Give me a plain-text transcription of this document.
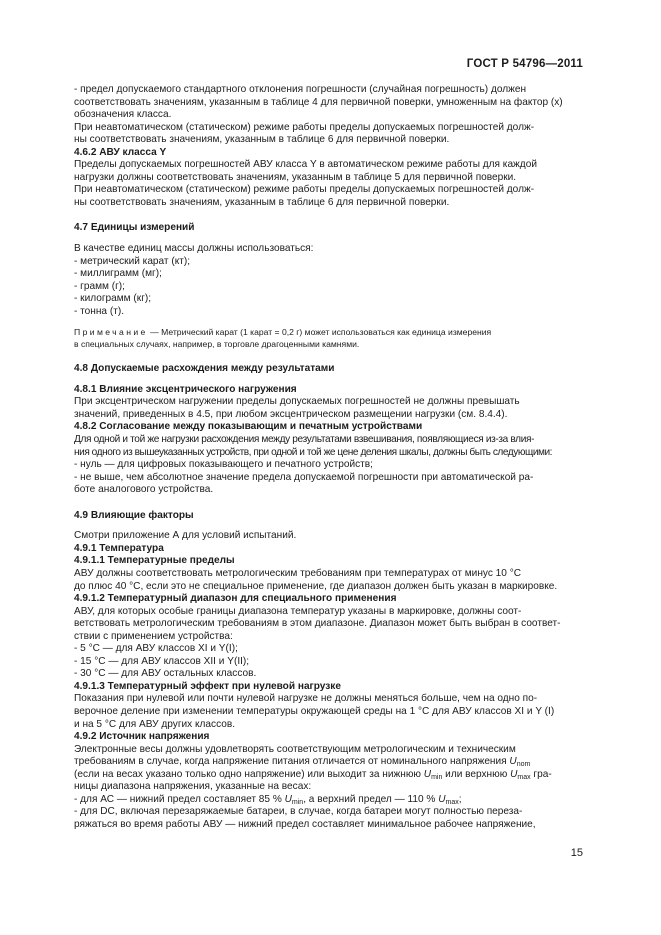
ГОСТ Р 54796—2011

- предел допускаемого стандартного отклонения погрешности (случайная погрешность) должен

соответствовать значениям, указанным в таблице 4 для первичной поверки, умноженным на фактор (х)

обозначения класса.

При неавтоматическом (статическом) режиме работы пределы допускаемых погрешностей долж-

ны соответствовать значениям, указанным в таблице 6 для первичной поверки.

4.6.2 АВУ класса Y

Пределы допускаемых погрешностей АВУ класса Y в автоматическом режиме работы для каждой

нагрузки должны соответствовать значениям, указанным в таблице 5 для первичной поверки.

При неавтоматическом (статическом) режиме работы пределы допускаемых погрешностей долж-

ны соответствовать значениям, указанным в таблице 6 для первичной поверки.

4.7 Единицы измерений

В качестве единиц массы должны использоваться:

- метрический карат (кт);

- миллиграмм (мг);

- грамм (г);

- килограмм (кг);

- тонна (т).

Примечание — Метрический карат (1 карат = 0,2 г) может использоваться как единица измерения

в специальных случаях, например, в торговле драгоценными камнями.

4.8 Допускаемые расхождения между результатами

4.8.1 Влияние эксцентрического нагружения

При эксцентрическом нагружении пределы допускаемых погрешностей не должны превышать

значений, приведенных в 4.5, при любом эксцентрическом размещении нагрузки (см. 8.4.4).

4.8.2 Согласование между показывающим и печатным устройствами

Для одной и той же нагрузки расхождения между результатами взвешивания, появляющиеся из-за влия-

ния одного из вышеуказанных устройств, при одной и той же цене деления шкалы, должны быть следующими:

- нуль — для цифровых показывающего и печатного устройств;

- не выше, чем абсолютное значение предела допускаемой погрешности при автоматической ра-

боте аналогового устройства.

4.9 Влияющие факторы

Смотри приложение А для условий испытаний.

4.9.1 Температура

4.9.1.1 Температурные пределы

АВУ должны соответствовать метрологическим требованиям при температурах от минус 10 °С

до плюс 40 °С, если это не специальное применение, где диапазон должен быть указан в маркировке.

4.9.1.2 Температурный диапазон для специального применения

АВУ, для которых особые границы диапазона температур указаны в маркировке, должны соот-

ветствовать метрологическим требованиям в этом диапазоне. Диапазон может быть выбран в соответ-

ствии с применением устройства:

- 5 °С — для АВУ классов XI и Y(I);

- 15 °С — для АВУ классов XII и Y(II);

- 30 °С — для АВУ остальных классов.

4.9.1.3 Температурный эффект при нулевой нагрузке

Показания при нулевой или почти нулевой нагрузке не должны меняться больше, чем на одно по-

верочное деление при изменении температуры окружающей среды на 1 °С для АВУ классов XI и Y (I)

и на 5 °С для АВУ других классов.

4.9.2 Источник напряжения

Электронные весы должны удовлетворять соответствующим метрологическим и техническим

требованиям в случае, когда напряжение питания отличается от номинального напряжения $U_{nom}$

(если на весах указано только одно напряжение) или выходит за нижнюю $U_{min}$ или верхнюю $U_{max}$ гра-

ницы диапазона напряжения, указанные на весах:

- для АС — нижний предел составляет 85 % $U_{min}$, а верхний предел — 110 % $U_{max}$;

- для DC, включая перезаряжаемые батареи, в случае, когда батареи могут полностью переза-

ряжаться во время работы АВУ — нижний предел составляет минимальное рабочее напряжение,

15
